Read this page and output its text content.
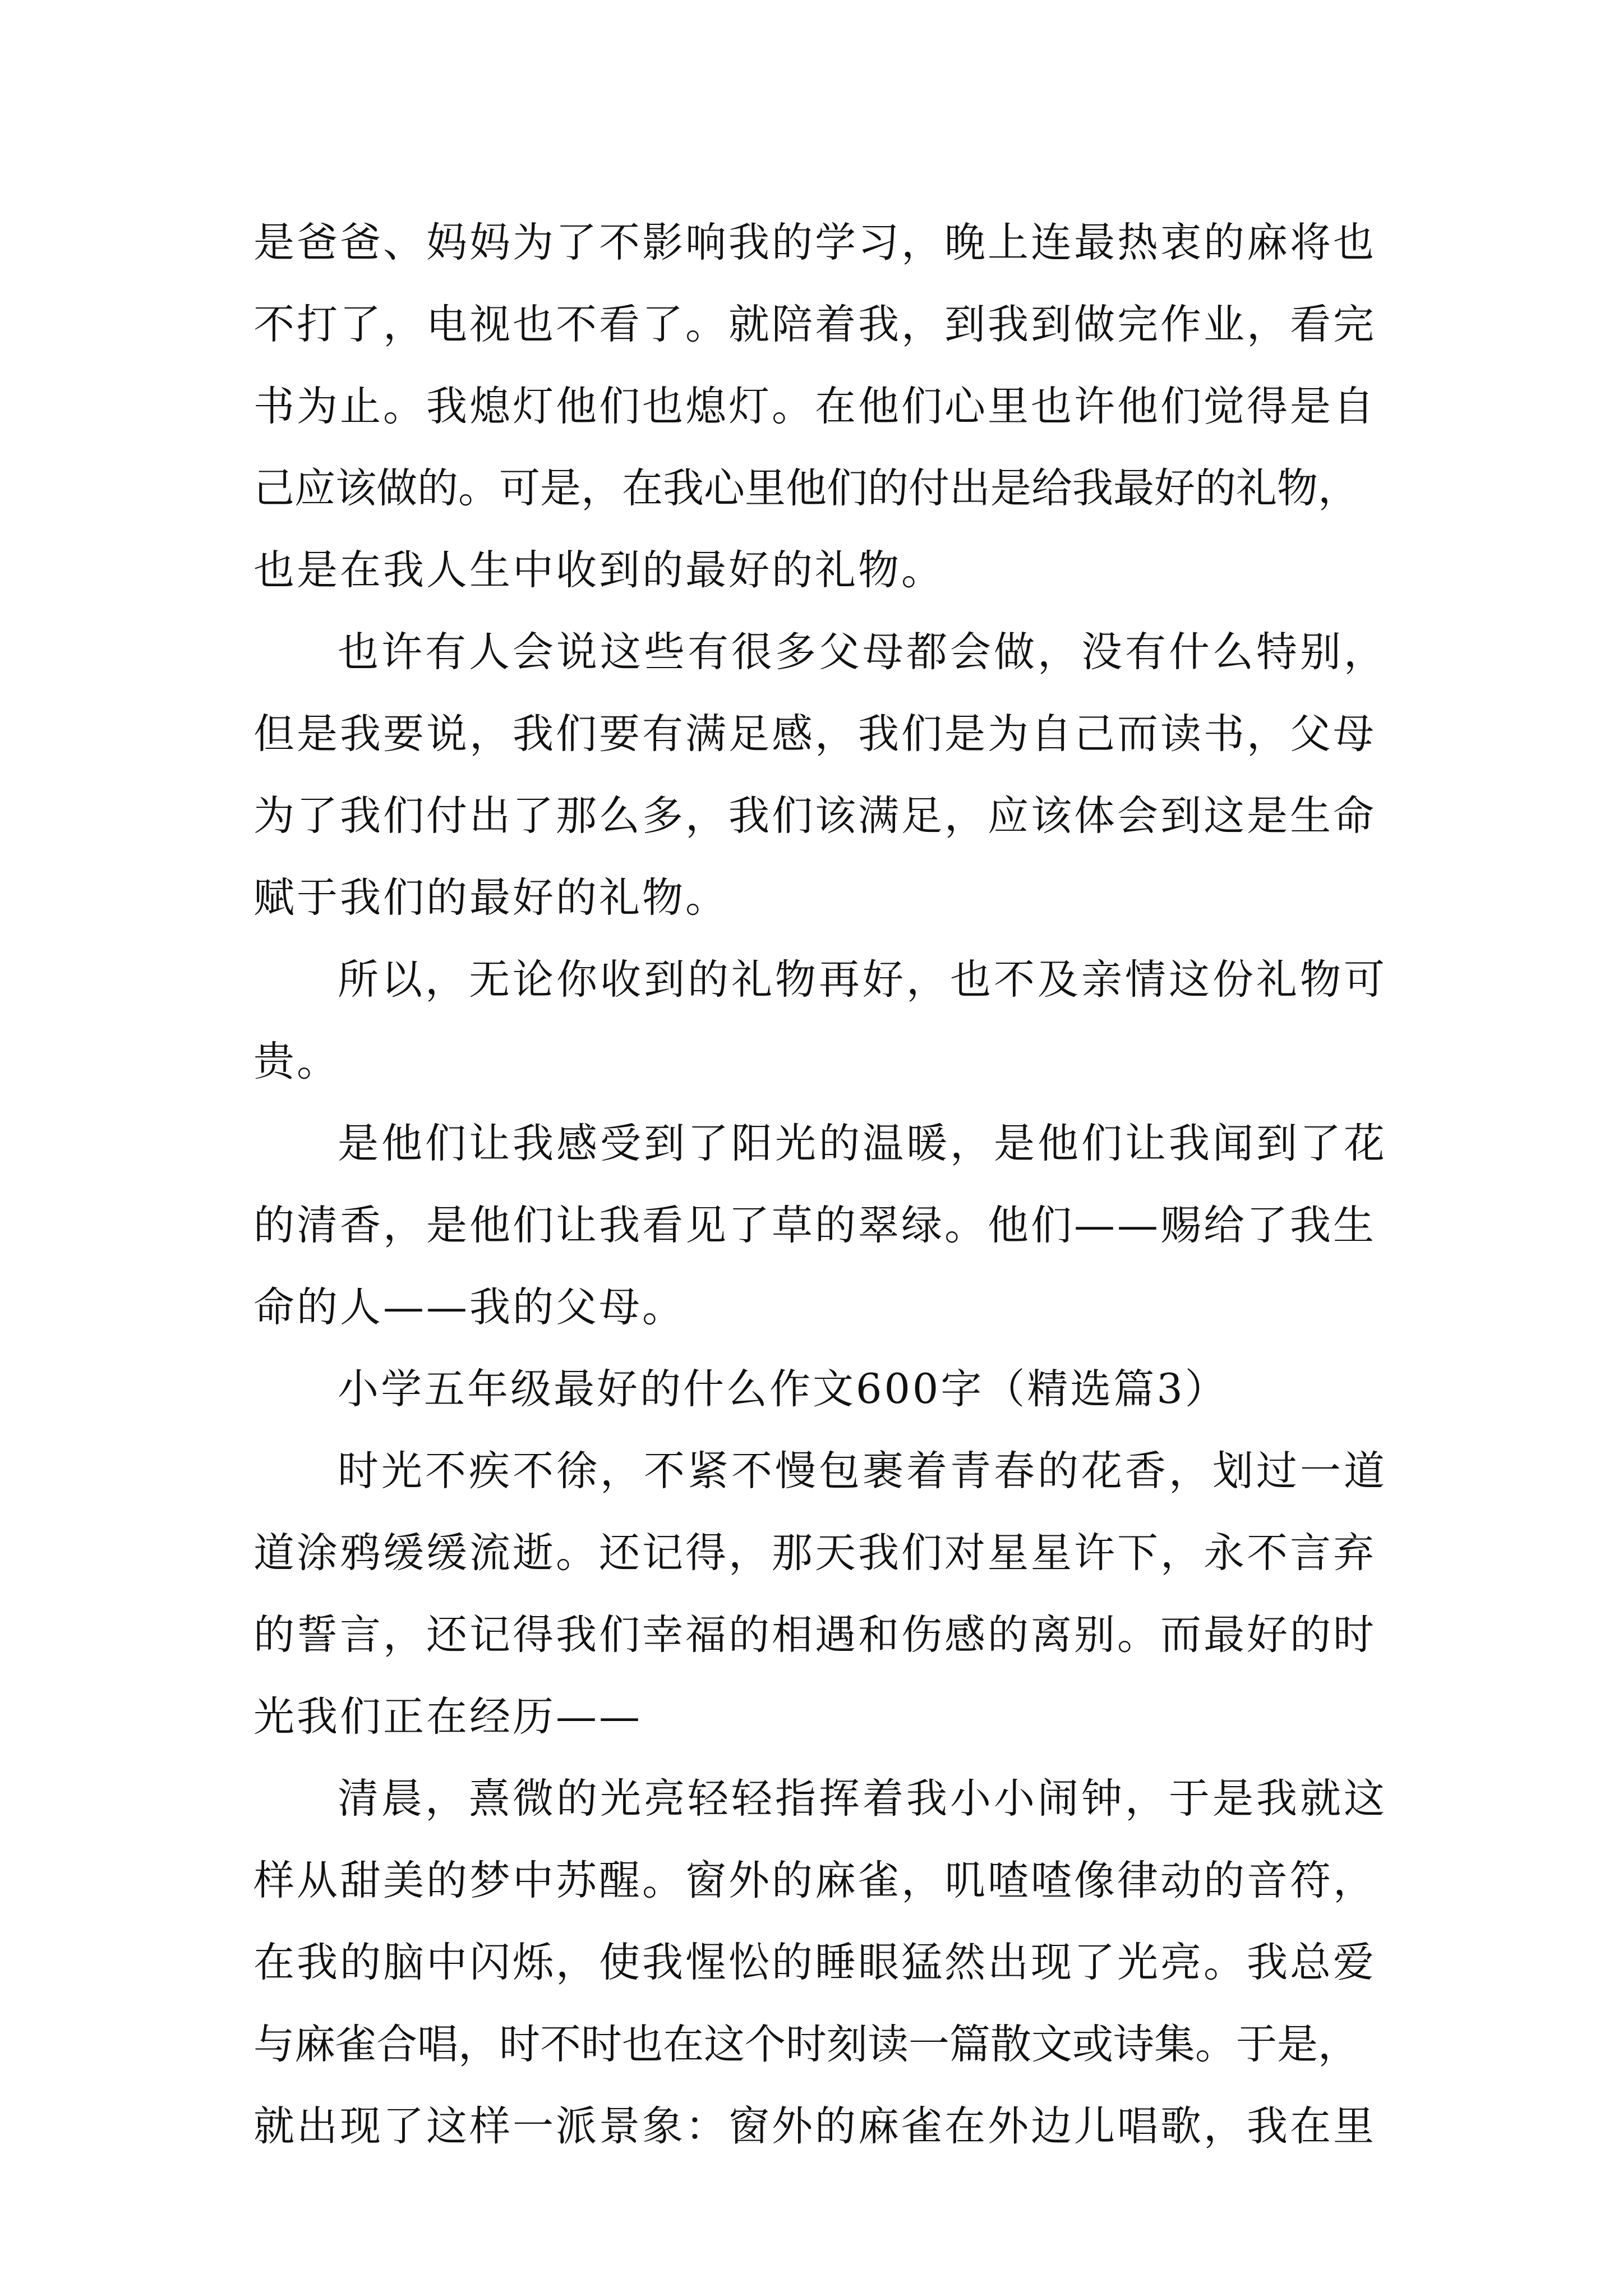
是爸爸、妈妈为了不影响我的学习，晚上连最热衷的麻将也
不打了，电视也不看了。就陪着我，到我到做完作业，看完
书为止。我熄灯他们也熄灯。在他们心里也许他们觉得是自
己应该做的。可是，在我心里他们的付出是给我最好的礼物，
也是在我人生中收到的最好的礼物。
也许有人会说这些有很多父母都会做，没有什么特别，
但是我要说，我们要有满足感，我们是为自己而读书，父母
为了我们付出了那么多，我们该满足，应该体会到这是生命
赋于我们的最好的礼物。
所以，无论你收到的礼物再好，也不及亲情这份礼物可
贵。
是他们让我感受到了阳光的温暖，是他们让我闻到了花
的清香，是他们让我看见了草的翠绿。他们——赐给了我生
命的人——我的父母。
小学五年级最好的什么作文600字（精选篇3）
时光不疾不徐，不紧不慢包裹着青春的花香，划过一道
道涂鸦缓缓流逝。还记得，那天我们对星星许下，永不言弃
的誓言，还记得我们幸福的相遇和伤感的离别。而最好的时
光我们正在经历——
清晨，熹微的光亮轻轻指挥着我小小闹钟，于是我就这
样从甜美的梦中苏醒。窗外的麻雀，叽喳喳像律动的音符，
在我的脑中闪烁，使我惺忪的睡眼猛然出现了光亮。我总爱
与麻雀合唱，时不时也在这个时刻读一篇散文或诗集。于是，
就出现了这样一派景象：窗外的麻雀在外边儿唱歌，我在里
